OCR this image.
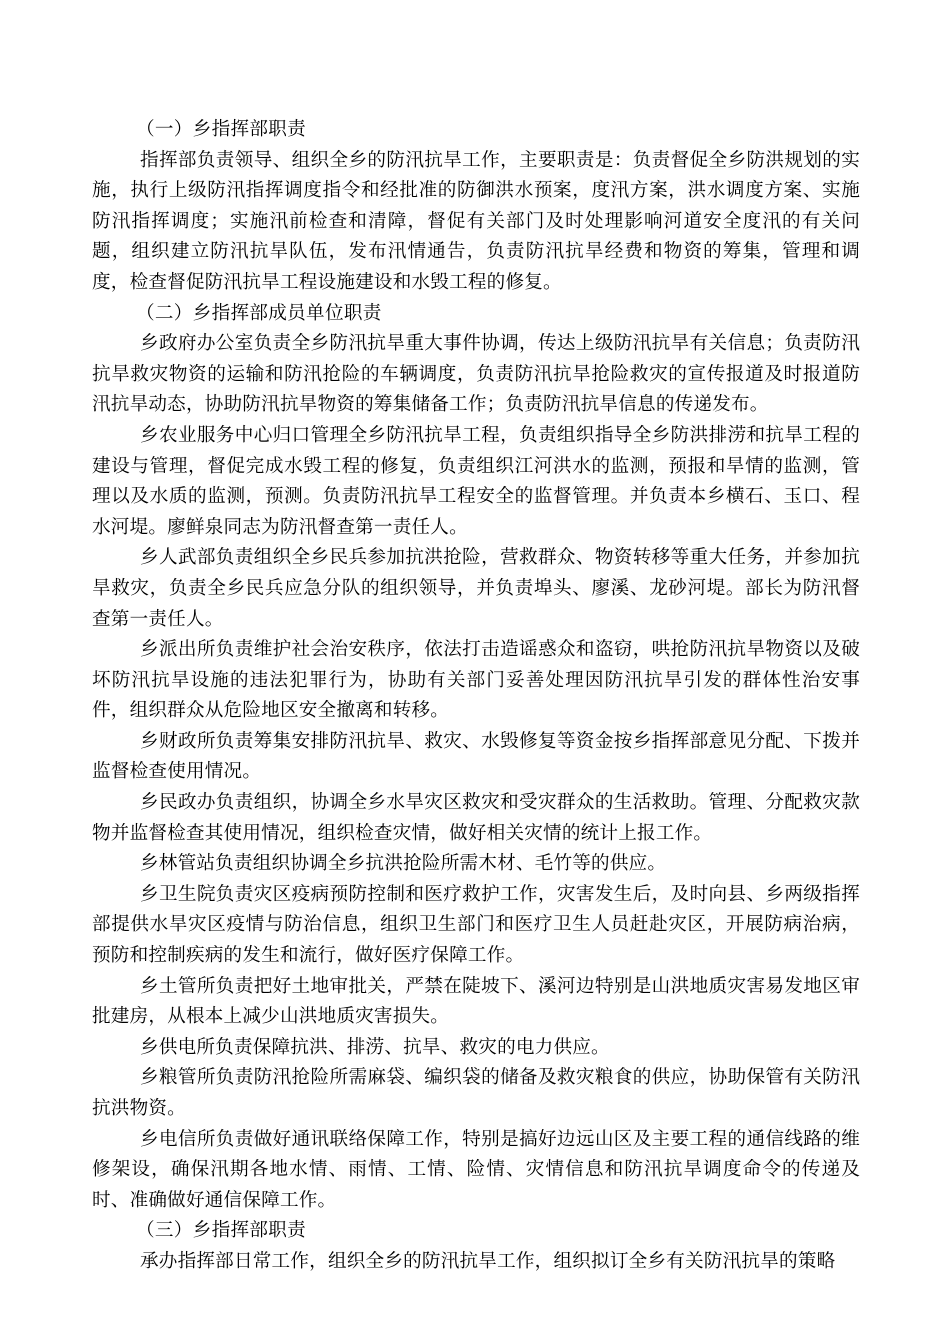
（一）乡指挥部职责

指挥部负责领导、组织全乡的防汛抗旱工作，主要职责是：负责督促全乡防洪规划的实施，执行上级防汛指挥调度指令和经批准的防御洪水预案，度汛方案，洪水调度方案、实施防汛指挥调度；实施汛前检查和清障，督促有关部门及时处理影响河道安全度汛的有关问题，组织建立防汛抗旱队伍，发布汛情通告，负责防汛抗旱经费和物资的筹集，管理和调度，检查督促防汛抗旱工程设施建设和水毁工程的修复。

（二）乡指挥部成员单位职责

乡政府办公室负责全乡防汛抗旱重大事件协调，传达上级防汛抗旱有关信息；负责防汛抗旱救灾物资的运输和防汛抢险的车辆调度，负责防汛抗旱抢险救灾的宣传报道及时报道防汛抗旱动态，协助防汛抗旱物资的筹集储备工作；负责防汛抗旱信息的传递发布。

乡农业服务中心归口管理全乡防汛抗旱工程，负责组织指导全乡防洪排涝和抗旱工程的建设与管理，督促完成水毁工程的修复，负责组织江河洪水的监测，预报和旱情的监测，管理以及水质的监测，预测。负责防汛抗旱工程安全的监督管理。并负责本乡横石、玉口、程水河堤。廖鲜泉同志为防汛督查第一责任人。

乡人武部负责组织全乡民兵参加抗洪抢险，营救群众、物资转移等重大任务，并参加抗旱救灾，负责全乡民兵应急分队的组织领导，并负责埠头、廖溪、龙砂河堤。部长为防汛督查第一责任人。

乡派出所负责维护社会治安秩序，依法打击造谣惑众和盗窃，哄抢防汛抗旱物资以及破坏防汛抗旱设施的违法犯罪行为，协助有关部门妥善处理因防汛抗旱引发的群体性治安事件，组织群众从危险地区安全撤离和转移。

乡财政所负责筹集安排防汛抗旱、救灾、水毁修复等资金按乡指挥部意见分配、下拨并监督检查使用情况。

乡民政办负责组织，协调全乡水旱灾区救灾和受灾群众的生活救助。管理、分配救灾款物并监督检查其使用情况，组织检查灾情，做好相关灾情的统计上报工作。

乡林管站负责组织协调全乡抗洪抢险所需木材、毛竹等的供应。

乡卫生院负责灾区疫病预防控制和医疗救护工作，灾害发生后，及时向县、乡两级指挥部提供水旱灾区疫情与防治信息，组织卫生部门和医疗卫生人员赶赴灾区，开展防病治病，预防和控制疾病的发生和流行，做好医疗保障工作。

乡土管所负责把好土地审批关，严禁在陡坡下、溪河边特别是山洪地质灾害易发地区审批建房，从根本上减少山洪地质灾害损失。

乡供电所负责保障抗洪、排涝、抗旱、救灾的电力供应。

乡粮管所负责防汛抢险所需麻袋、编织袋的储备及救灾粮食的供应，协助保管有关防汛抗洪物资。

乡电信所负责做好通讯联络保障工作，特别是搞好边远山区及主要工程的通信线路的维修架设，确保汛期各地水情、雨情、工情、险情、灾情信息和防汛抗旱调度命令的传递及时、准确做好通信保障工作。

（三）乡指挥部职责

承办指挥部日常工作，组织全乡的防汛抗旱工作，组织拟订全乡有关防汛抗旱的策略
